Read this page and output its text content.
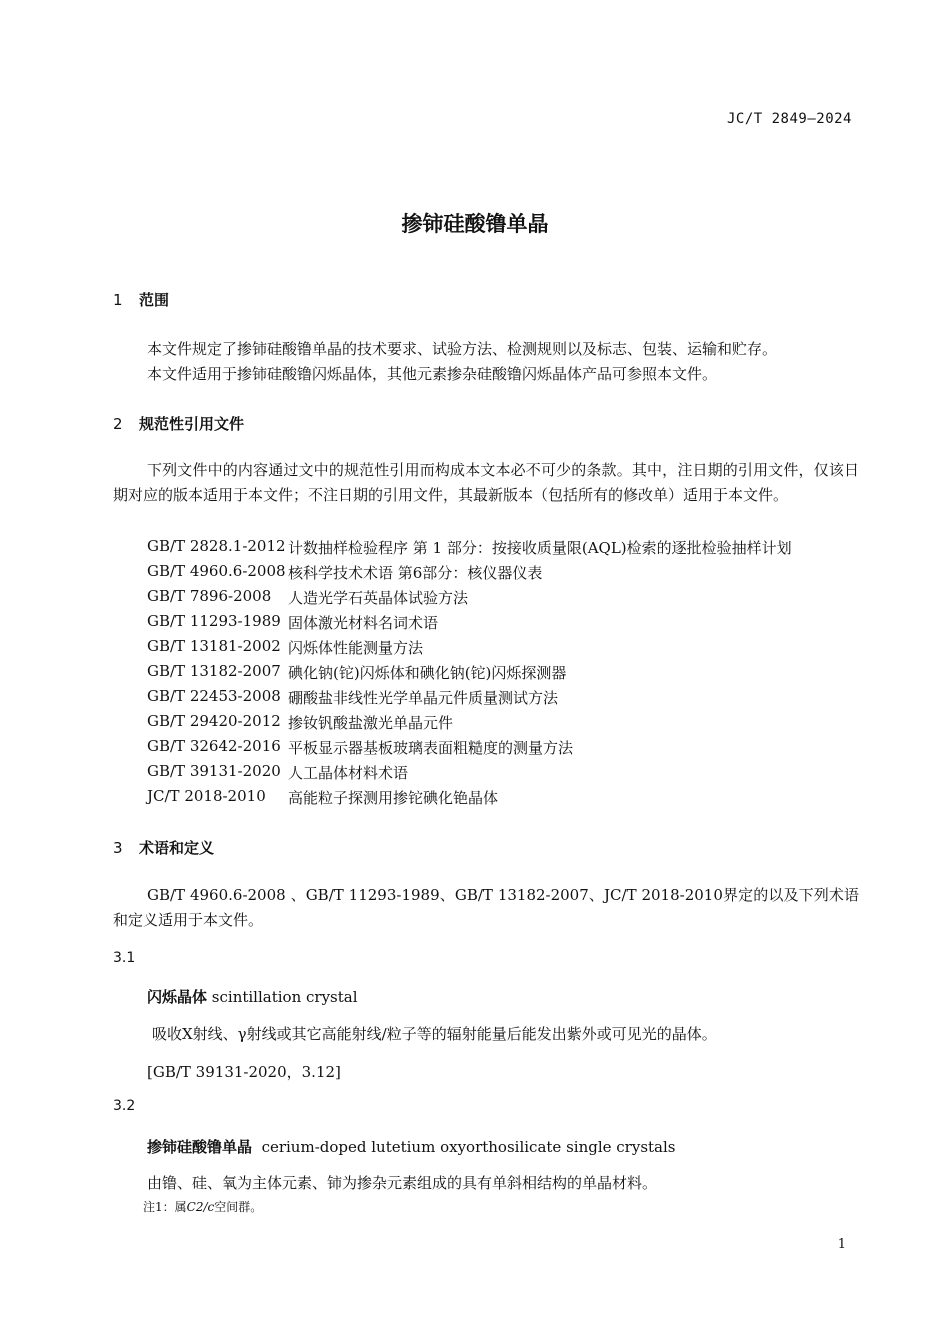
JC/T 2849—2024
掺铈硅酸镥单晶
1 范围
本文件规定了掺铈硅酸镥单晶的技术要求、试验方法、检测规则以及标志、包装、运输和贮存。
本文件适用于掺铈硅酸镥闪烁晶体，其他元素掺杂硅酸镥闪烁晶体产品可参照本文件。
2 规范性引用文件
下列文件中的内容通过文中的规范性引用而构成本文本必不可少的条款。其中，注日期的引用文件，仅该日期对应的版本适用于本文件；不注日期的引用文件，其最新版本（包括所有的修改单）适用于本文件。
GB/T 2828.1-2012 计数抽样检验程序 第 1 部分：按接收质量限(AQL)检索的逐批检验抽样计划
GB/T 4960.6-2008 核科学技术术语 第6部分：核仪器仪表
GB/T 7896-2008	人造光学石英晶体试验方法
GB/T 11293-1989 固体激光材料名词术语
GB/T 13181-2002 闪烁体性能测量方法
GB/T 13182-2007 碘化钠(铊)闪烁体和碘化钠(铊)闪烁探测器
GB/T 22453-2008 硼酸盐非线性光学单晶元件质量测试方法
GB/T 29420-2012 掺钕钒酸盐激光单晶元件
GB/T 32642-2016 平板显示器基板玻璃表面粗糙度的测量方法
GB/T 39131-2020 人工晶体材料术语
JC/T 2018-2010	高能粒子探测用掺铊碘化铯晶体
3 术语和定义
GB/T 4960.6-2008 、GB/T 11293-1989、GB/T 13182-2007、JC/T 2018-2010界定的以及下列术语和定义适用于本文件。
3.1
闪烁晶体 scintillation crystal
吸收X射线、γ射线或其它高能射线/粒子等的辐射能量后能发出紫外或可见光的晶体。
[GB/T 39131-2020，3.12]
3.2
掺铈硅酸镥单晶 cerium-doped lutetium oxyorthosilicate single crystals
由镥、硅、氧为主体元素、铈为掺杂元素组成的具有单斜相结构的单晶材料。
注1：属C2/c空间群。
1
